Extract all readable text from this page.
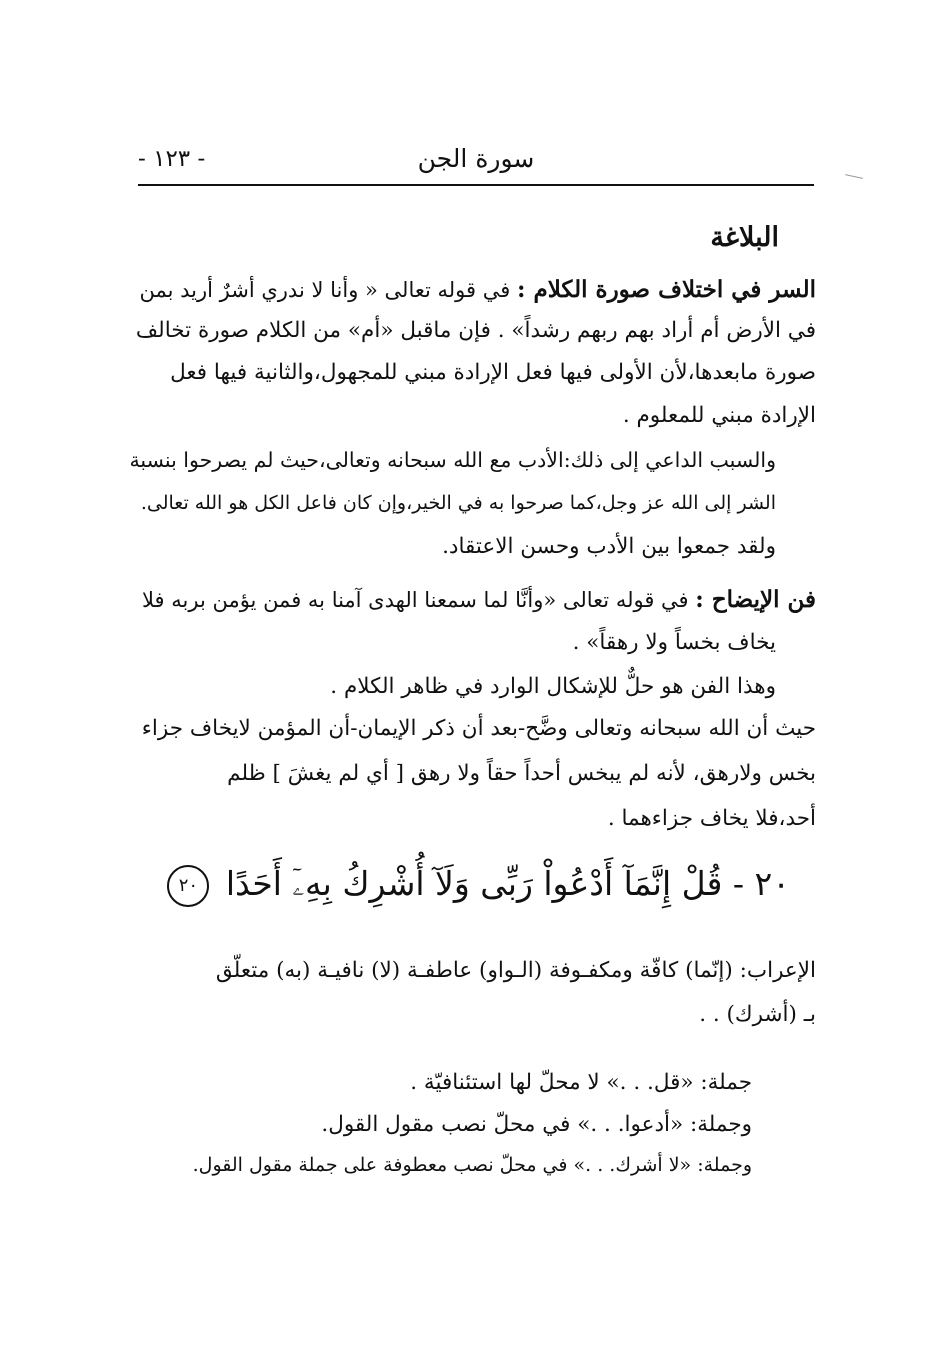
سورة الجن
- ١٢٣ -
البلاغة
السر في اختلاف صورة الكلام : في قوله تعالى « وأنا لا ندري أشرٌ أريد بمن
في الأرض أم أراد بهم ربهم رشداً» . فإن ماقبل «أم» من الكلام صورة تخالف
صورة مابعدها،لأن الأولى فيها فعل الإرادة مبني للمجهول،والثانية فيها فعل
الإرادة مبني للمعلوم .
والسبب الداعي إلى ذلك:الأدب مع الله سبحانه وتعالى،حيث لم يصرحوا بنسبة
الشر إلى الله عز وجل،كما صرحوا به في الخير،وإن كان فاعل الكل هو الله تعالى.
ولقد جمعوا بين الأدب وحسن الاعتقاد.
فن الإيضاح : في قوله تعالى «وأنَّا لما سمعنا الهدى آمنا به فمن يؤمن بربه فلا
يخاف بخساً ولا رهقاً» .
وهذا الفن هو حلٌّ للإشكال الوارد في ظاهر الكلام .
حيث أن الله سبحانه وتعالى وضَّح-بعد أن ذكر الإيمان-أن المؤمن لايخاف جزاء
بخس ولارهق، لأنه لم يبخس أحداً حقاً ولا رهق [ أي لم يغشَ ] ظلم
أحد،فلا يخاف جزاءهما .
٢٠ - قُلْ إِنَّمَآ أَدْعُواْ رَبِّى وَلَآ أُشْرِكُ بِهِۦٓ أَحَدًا ٢٠
الإعراب: (إنّما) كافّة ومكفـوفة (الـواو) عاطفـة (لا) نافيـة (به) متعلّق
بـ (أشرك) . .
جملة: «قل. . .» لا محلّ لها استئنافيّة .
وجملة: «أدعوا. . .» في محلّ نصب مقول القول.
وجملة: «لا أشرك. . .» في محلّ نصب معطوفة على جملة مقول القول.
